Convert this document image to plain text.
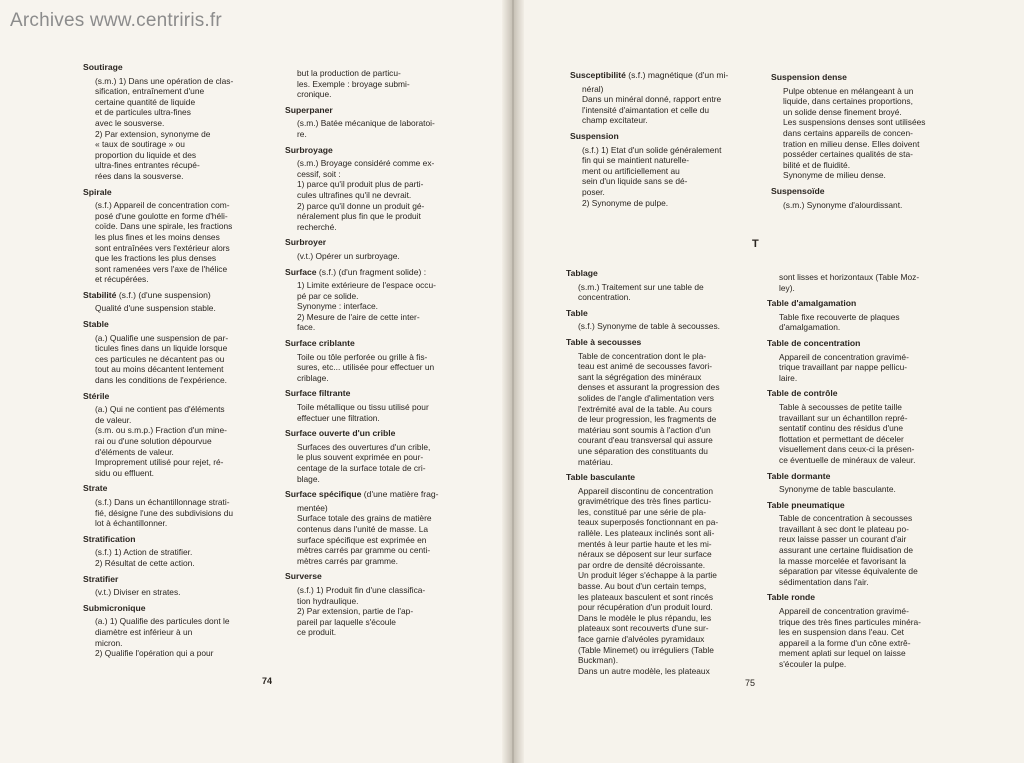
Archives www.centriris.fr
Soutirage

(s.m.) 1) Dans une opération de clas-

sification, entraînement d'une

certaine quantité de liquide

et de particules ultra-fines

avec le sousverse.

2) Par extension, synonyme de

« taux de soutirage » ou

proportion du liquide et des

ultra-fines entrantes récupé-

rées dans la sousverse.

Spirale

(s.f.) Appareil de concentration com-

posé d'une goulotte en forme d'héli-

coïde. Dans une spirale, les fractions

les plus fines et les moins denses

sont entraînées vers l'extérieur alors

que les fractions les plus denses

sont ramenées vers l'axe de l'hélice

et récupérées.

Stabilité (s.f.) (d'une suspension)

Qualité d'une suspension stable.

Stable

(a.) Qualifie une suspension de par-

ticules fines dans un liquide lorsque

ces particules ne décantent pas ou

tout au moins décantent lentement

dans les conditions de l'expérience.

Stérile

(a.) Qui ne contient pas d'éléments

de valeur.

(s.m. ou s.m.p.) Fraction d'un mine-

rai ou d'une solution dépourvue

d'éléments de valeur.

Improprement utilisé pour rejet, ré-

sidu ou effluent.

Strate

(s.f.) Dans un échantillonnage strati-

fié, désigne l'une des subdivisions du

lot à échantillonner.

Stratification

(s.f.) 1) Action de stratifier.

2) Résultat de cette action.

Stratifier

(v.t.) Diviser en strates.

Submicronique

(a.) 1) Qualifie des particules dont le

diamètre est inférieur à un

micron.

2) Qualifie l'opération qui a pour

but la production de particu-

les. Exemple : broyage submi-

cronique.

Superpaner

(s.m.) Batée mécanique de laboratoi-

re.

Surbroyage

(s.m.) Broyage considéré comme ex-

cessif, soit :

1) parce qu'il produit plus de parti-

cules ultrafines qu'il ne devrait.

2) parce qu'il donne un produit gé-

néralement plus fin que le produit

recherché.

Surbroyer

(v.t.) Opérer un surbroyage.

Surface (s.f.) (d'un fragment solide) :

1) Limite extérieure de l'espace occu-

pé par ce solide.

Synonyme : interface.

2) Mesure de l'aire de cette inter-

face.

Surface criblante

Toile ou tôle perforée ou grille à fis-

sures, etc... utilisée pour effectuer un

criblage.

Surface filtrante

Toile métallique ou tissu utilisé pour

effectuer une filtration.

Surface ouverte d'un crible

Surfaces des ouvertures d'un crible,

le plus souvent exprimée en pour-

centage de la surface totale de cri-

blage.

Surface spécifique (d'une matière frag-

mentée)

Surface totale des grains de matière

contenus dans l'unité de masse. La

surface spécifique est exprimée en

mètres carrés par gramme ou centi-

mètres carrés par gramme.

Surverse

(s.f.) 1) Produit fin d'une classifica-

tion hydraulique.

2) Par extension, partie de l'ap-

pareil par laquelle s'écoule

ce produit.

74
Susceptibilité (s.f.) magnétique (d'un mi-

néral)

Dans un minéral donné, rapport entre

l'intensité d'aimantation et celle du

champ excitateur.

Suspension

(s.f.) 1) Etat d'un solide généralement

fin qui se maintient naturelle-

ment ou artificiellement au

sein d'un liquide sans se dé-

poser.

2) Synonyme de pulpe.

Suspension dense

Pulpe obtenue en mélangeant à un

liquide, dans certaines proportions,

un solide dense finement broyé.

Les suspensions denses sont utilisées

dans certains appareils de concen-

tration en milieu dense. Elles doivent

posséder certaines qualités de sta-

bilité et de fluidité.

Synonyme de milieu dense.

Suspensoïde

(s.m.) Synonyme d'alourdissant.

T
Tablage

(s.m.) Traitement sur une table de

concentration.

Table

(s.f.) Synonyme de table à secousses.

Table à secousses

Table de concentration dont le pla-

teau est animé de secousses favori-

sant la ségrégation des minéraux

denses et assurant la progression des

solides de l'angle d'alimentation vers

l'extrémité aval de la table. Au cours

de leur progression, les fragments de

matériau sont soumis à l'action d'un

courant d'eau transversal qui assure

une séparation des constituants du

matériau.

Table basculante

Appareil discontinu de concentration

gravimétrique des très fines particu-

les, constitué par une série de pla-

teaux superposés fonctionnant en pa-

rallèle. Les plateaux inclinés sont ali-

mentés à leur partie haute et les mi-

néraux se déposent sur leur surface

par ordre de densité décroissante.

Un produit léger s'échappe à la partie

basse. Au bout d'un certain temps,

les plateaux basculent et sont rincés

pour récupération d'un produit lourd.

Dans le modèle le plus répandu, les

plateaux sont recouverts d'une sur-

face garnie d'alvéoles pyramidaux

(Table Minemet) ou irréguliers (Table

Buckman).

Dans un autre modèle, les plateaux

sont lisses et horizontaux (Table Moz-

ley).

Table d'amalgamation

Table fixe recouverte de plaques

d'amalgamation.

Table de concentration

Appareil de concentration gravimé-

trique travaillant par nappe pellicu-

laire.

Table de contrôle

Table à secousses de petite taille

travaillant sur un échantillon repré-

sentatif continu des résidus d'une

flottation et permettant de déceler

visuellement dans ceux-ci la présen-

ce éventuelle de minéraux de valeur.

Table dormante

Synonyme de table basculante.

Table pneumatique

Table de concentration à secousses

travaillant à sec dont le plateau po-

reux laisse passer un courant d'air

assurant une certaine fluidisation de

la masse morcelée et favorisant la

séparation par vitesse équivalente de

sédimentation dans l'air.

Table ronde

Appareil de concentration gravimé-

trique des très fines particules minéra-

les en suspension dans l'eau. Cet

appareil a la forme d'un cône extrê-

mement aplati sur lequel on laisse

s'écouler la pulpe.

75
